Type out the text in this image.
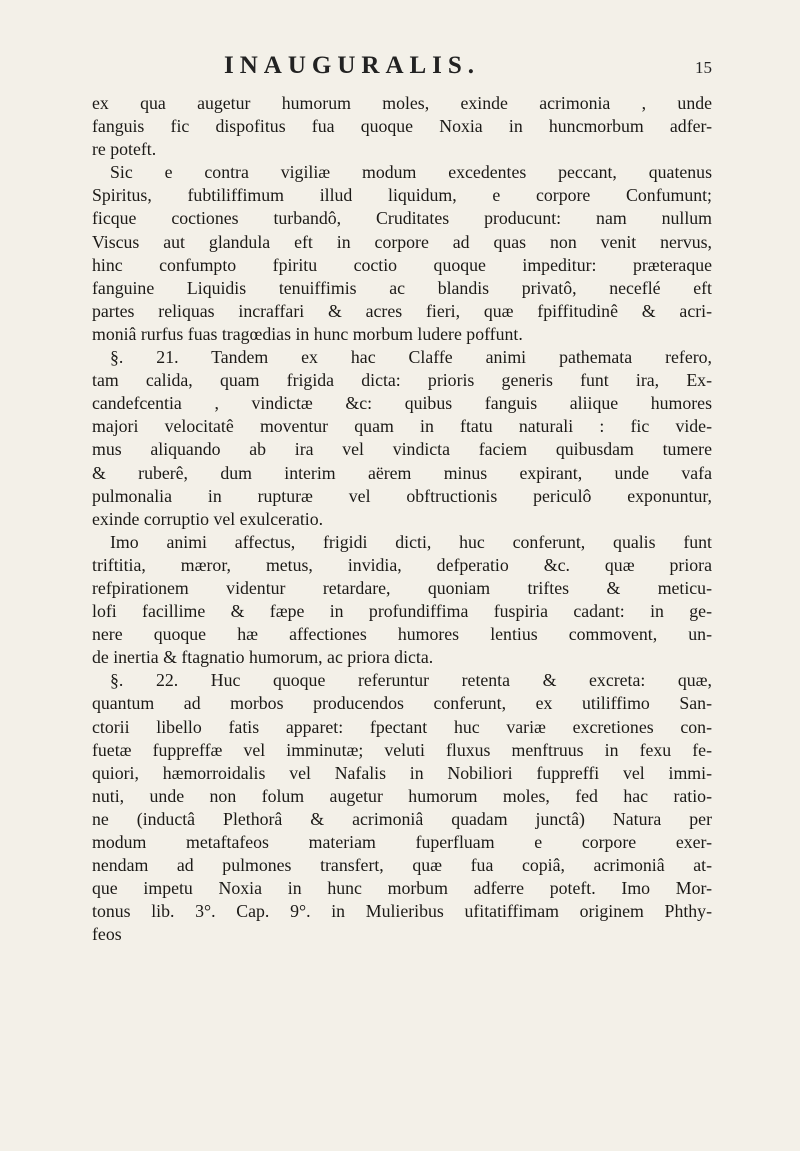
INAUGURALIS.	15
ex qua augetur humorum moles, exinde acrimonia , unde
fanguis fic dispofitus fua quoque Noxia in huncmorbum adfer-
re poteft.
Sic e contra vigiliæ modum excedentes peccant, quatenus
Spiritus, fubtiliffimum illud liquidum, e corpore Confumunt;
ficque coctiones turbandô, Cruditates producunt: nam nullum
Viscus aut glandula eft in corpore ad quas non venit nervus,
hinc confumpto fpiritu coctio quoque impeditur: præteraque
fanguine Liquidis tenuiffimis ac blandis privatô, neceflé eft
partes reliquas incraffari & acres fieri, quæ fpiffitudinê & acri-
moniâ rurfus fuas tragœdias in hunc morbum ludere poffunt.
§. 21. Tandem ex hac Claffe animi pathemata refero,
tam calida, quam frigida dicta: prioris generis funt ira, Ex-
candefcentia , vindictæ &c: quibus fanguis aliique humores
majori velocitatê moventur quam in ftatu naturali : fic vide-
mus aliquando ab ira vel vindicta faciem quibusdam tumere
& ruberê, dum interim aërem minus expirant, unde vafa
pulmonalia in rupturæ vel obftructionis periculô exponuntur,
exinde corruptio vel exulceratio.
Imo animi affectus, frigidi dicti, huc conferunt, qualis funt
triftitia, mæror, metus, invidia, defperatio &c. quæ priora
refpirationem videntur retardare, quoniam triftes & meticu-
lofi facillime & fæpe in profundiffima fuspiria cadant: in ge-
nere quoque hæ affectiones humores lentius commovent, un-
de inertia & ftagnatio humorum, ac priora dicta.
§. 22. Huc quoque referuntur retenta & excreta: quæ,
quantum ad morbos producendos conferunt, ex utiliffimo San-
ctorii libello fatis apparet: fpectant huc variæ excretiones con-
fuetæ fuppreffæ vel imminutæ; veluti fluxus menftruus in fexu fe-
quiori, hæmorroidalis vel Nafalis in Nobiliori fuppreffi vel immi-
nuti, unde non folum augetur humorum moles, fed hac ratio-
ne (inductâ Plethorâ & acrimoniâ quadam junctâ) Natura per
modum metaftafeos materiam fuperfluam e corpore exer-
nendam ad pulmones transfert, quæ fua copiâ, acrimoniâ at-
que impetu Noxia in hunc morbum adferre poteft. Imo Mor-
tonus lib. 3°. Cap. 9°. in Mulieribus ufitatiffimam originem Phthy-
feos
